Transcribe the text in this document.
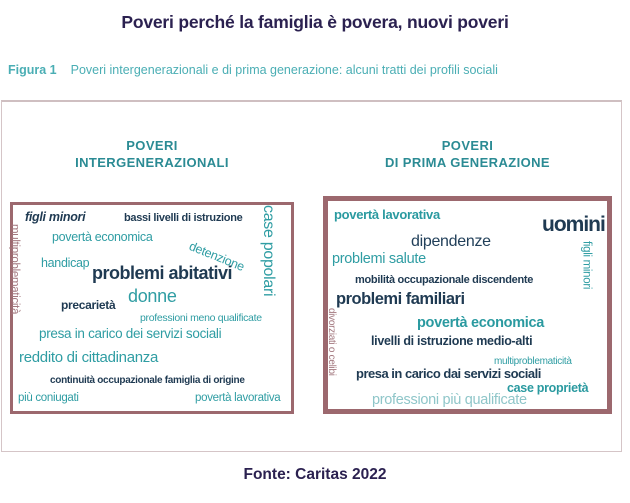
Poveri perché la famiglia è povera, nuovi poveri
Figura 1 Poveri intergenerazionali e di prima generazione: alcuni tratti dei profili sociali
POVERI
INTERGENERAZIONALI
POVERI
DI PRIMA GENERAZIONE
figli minori	bassi livelli di istruzione case popolari
povertà economica
detenzione
handicap problemi abitativi
donne
precarietà
professioni meno qualificate
presa in carico dei servizi sociali
reddito di cittadinanza
continuità occupazionale famiglia di origine
più coniugati	povertà lavorativa
multiproblematicità
povertà lavorativa	uomini
dipendenze
problemi salute	figli minori
mobilità occupazionale discendente
problemi familiari
povertà economica
livelli di istruzione medio-alti
multiproblematicità
presa in carico dai servizi sociali
case proprietà
professioni più qualificate
divorziati o celibi
Fonte: Caritas 2022
